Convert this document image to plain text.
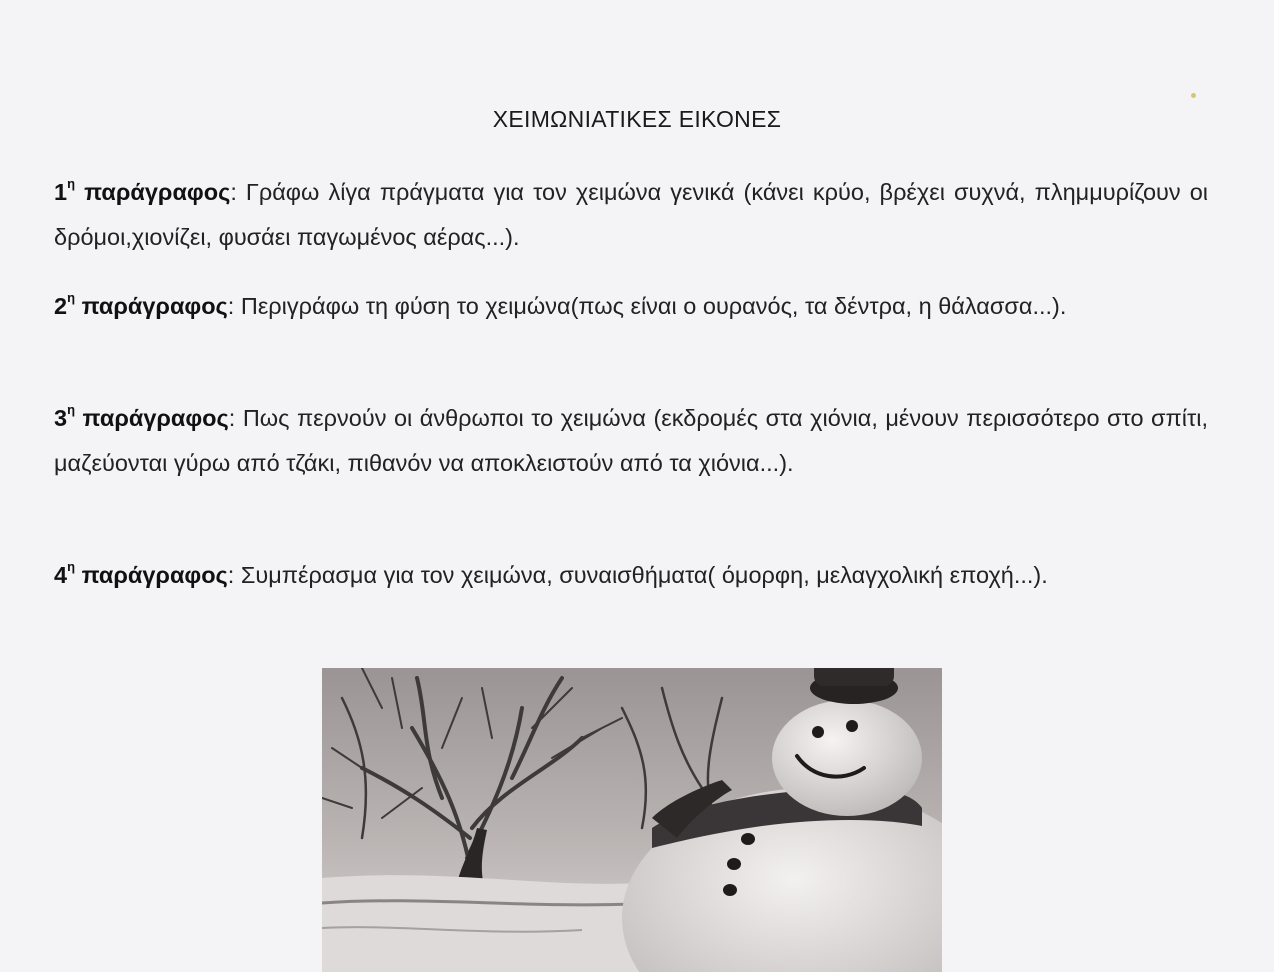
ΧΕΙΜΩΝΙΑΤΙΚΕΣ ΕΙΚΟΝΕΣ
$1^\eta$ παράγραφος: Γράφω λίγα πράγματα για τον χειμώνα γενικά (κάνει κρύο, βρέχει συχνά, πλημμυρίζουν οι δρόμοι,χιονίζει, φυσάει παγωμένος αέρας...).
$2^\eta$ παράγραφος: Περιγράφω τη φύση το χειμώνα(πως είναι ο ουρανός, τα δέντρα, η θάλασσα...).
$3^\eta$ παράγραφος: Πως περνούν οι άνθρωποι το χειμώνα (εκδρομές στα χιόνια, μένουν περισσότερο στο σπίτι, μαζεύονται γύρω από τζάκι, πιθανόν να αποκλειστούν από τα χιόνια...).
$4^\eta$ παράγραφος: Συμπέρασμα για τον χειμώνα, συναισθήματα( όμορφη, μελαγχολική εποχή...).
